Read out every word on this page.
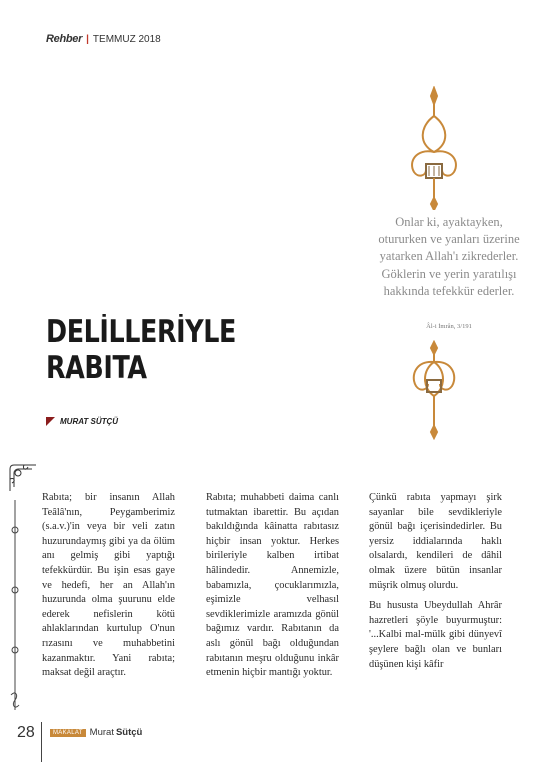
Rehber | TEMMUZ 2018
Onlar ki, ayaktayken, otururken ve yanları üzerine yatarken Allah'ı zikrederler. Göklerin ve yerin yaratılışı hakkında tefekkür ederler.
Âl-i İmrân, 3/191
DELİLLERİYLE
RABITA
MURAT SÜTÇÜ

Rabıta; bir insanın Allah Teâlâ'nın, Peygamberimiz (s.a.v.)'in veya bir veli zatın huzurundaymış gibi ya da ölüm anı gelmiş gibi yaptığı tefekkürdür. Bu işin esas gaye ve hedefi, her an Allah'ın huzurunda olma şuurunu elde ederek nefislerin kötü ahlaklarından kurtulup O'nun rızasını ve muhabbetini kazanmaktır. Yani rabıta; maksat değil araçtır.

Rabıta; muhabbeti daima canlı tutmaktan ibarettir. Bu açıdan bakıldığında kâinatta rabıtasız hiçbir insan yoktur. Herkes birileriyle kalben irtibat hâlindedir. Annemizle, babamızla, çocuklarımızla, eşimizle velhasıl sevdiklerimizle aramızda gönül bağımız vardır. Rabıtanın da aslı gönül bağı olduğundan rabıtanın meşru olduğunu inkâr etmenin hiçbir mantığı yoktur.

Çünkü rabıta yapmayı şirk sayanlar bile sevdikleriyle gönül bağı içerisindedirler. Bu yersiz iddialarında haklı olsalardı, kendileri de dâhil olmak üzere bütün insanlar müşrik olmuş olurdu.

Bu hususta Ubeydullah Ahrâr hazretleri şöyle buyurmuştur: '...Kalbi mal-mülk gibi dünyevî şeylere bağlı olan ve bunları düşünen kişi kâfir

28	MAKALAT Murat Sütçü
